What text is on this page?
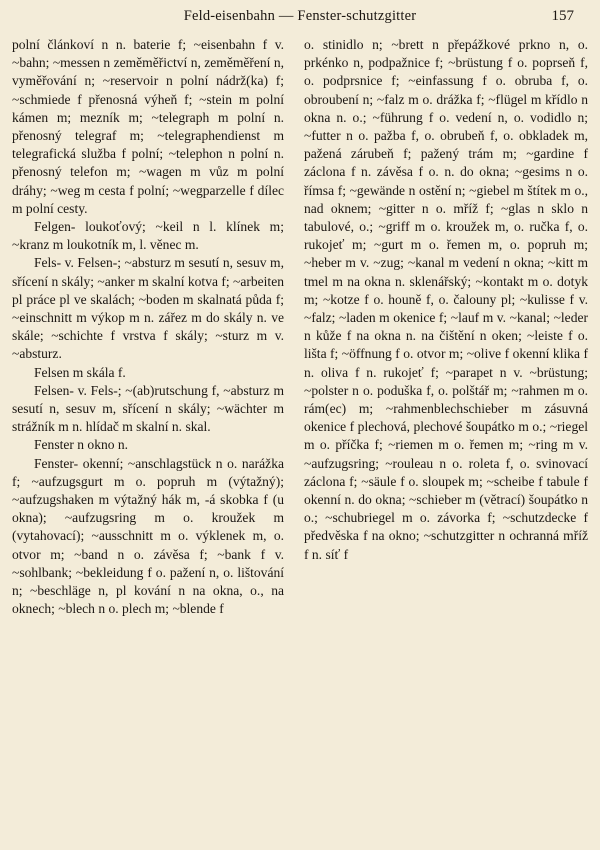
Feld-eisenbahn — Fenster-schutzgitter	157

polní článkoví n n. baterie f; ~eisenbahn f v. ~bahn; ~messen n zeměměřictví n, zeměměření n, vyměřování n; ~reservoir n polní nádrž(ka) f; ~schmiede f přenosná výheň f; ~stein m polní kámen m; mezník m; ~telegraph m polní n. přenosný telegraf m; ~telegraphendienst m telegrafická služba f polní; ~telephon n polní n. přenosný telefon m; ~wagen m vůz m polní dráhy; ~weg m cesta f polní; ~wegparzelle f dílec m polní cesty.

Felgen- loukoťový; ~keil n l. klínek m; ~kranz m loukotník m, l. věnec m.

Fels- v. Felsen-; ~absturz m sesutí n, sesuv m, sřícení n skály; ~anker m skalní kotva f; ~arbeiten pl práce pl ve skalách; ~boden m skalnatá půda f; ~einschnitt m výkop m n. zářez m do skály n. ve skále; ~schichte f vrstva f skály; ~sturz m v. ~absturz.

Felsen m skála f.

Felsen- v. Fels-; ~(ab)rutschung f, ~absturz m sesutí n, sesuv m, sřícení n skály; ~wächter m strážník m n. hlídač m skalní n. skal.

Fenster n okno n.

Fenster- okenní; ~anschlagstück n o. narážka f; ~aufzugsgurt m o. popruh m (výtažný); ~aufzugshaken m výtažný hák m, -á skobka f (u okna); ~aufzugsring m o. kroužek m (vytahovací); ~ausschnitt m o. výklenek m, o. otvor m; ~band n o. závěsa f; ~bank f v. ~sohlbank; ~bekleidung f o. pažení n, o. lištování n; ~beschläge n, pl kování n na okna, o., na oknech; ~blech n o. plech m; ~blende f

o. stinidlo n; ~brett n přepážkové prkno n, o. prkénko n, podpažnice f; ~brüstung f o. poprseň f, o. podprsnice f; ~einfassung f o. obruba f, o. obroubení n; ~falz m o. drážka f; ~flügel m křídlo n okna n. o.; ~führung f o. vedení n, o. vodidlo n; ~futter n o. pažba f, o. obrubeň f, o. obkladek m, pažená zárubeň f; pažený trám m; ~gardine f záclona f n. závěsa f o. n. do okna; ~gesims n o. římsa f; ~gewände n ostění n; ~giebel m štítek m o., nad oknem; ~gitter n o. mříž f; ~glas n sklo n tabulové, o.; ~griff m o. kroužek m, o. ručka f, o. rukojeť m; ~gurt m o. řemen m, o. popruh m; ~heber m v. ~zug; ~kanal m vedení n okna; ~kitt m tmel m na okna n. sklenářský; ~kontakt m o. dotyk m; ~kotze f o. houně f, o. čalouny pl; ~kulisse f v. ~falz; ~laden m okenice f; ~lauf m v. ~kanal; ~leder n kůže f na okna n. na čištění n oken; ~leiste f o. lišta f; ~öffnung f o. otvor m; ~olive f okenní klika f n. oliva f n. rukojeť f; ~parapet n v. ~brüstung; ~polster n o. poduška f, o. polštář m; ~rahmen m o. rám(ec) m; ~rahmenblechschieber m zásuvná okenice f plechová, plechové šoupátko m o.; ~riegel m o. příčka f; ~riemen m o. řemen m; ~ring m v. ~aufzugsring; ~rouleau n o. roleta f, o. svinovací záclona f; ~säule f o. sloupek m; ~scheibe f tabule f okenní n. do okna; ~schieber m (větrací) šoupátko n o.; ~schubriegel m o. závorka f; ~schutzdecke f předvěska f na okno; ~schutzgitter n ochranná mříž f n. síť f
